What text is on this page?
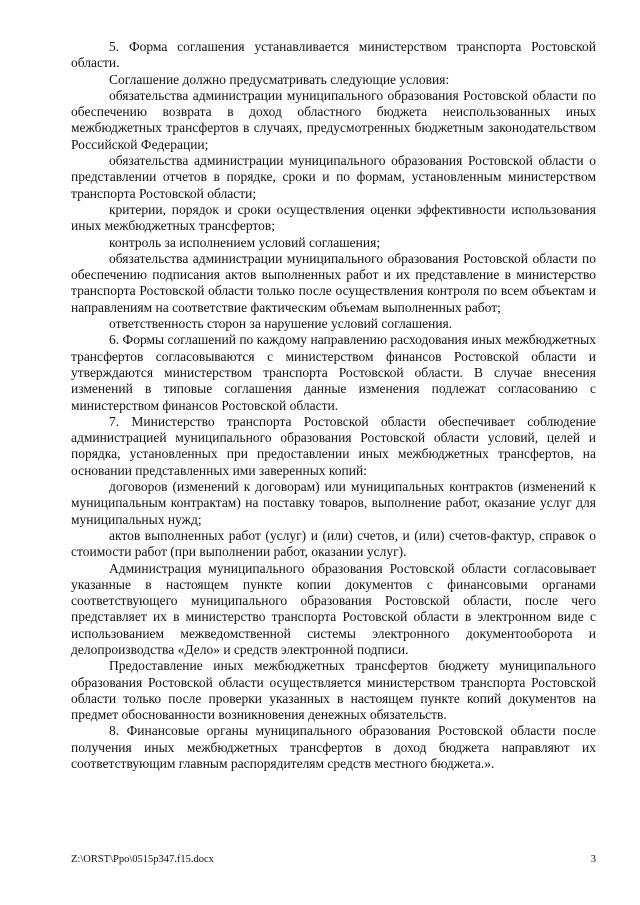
5. Форма соглашения устанавливается министерством транспорта Ростовской области.

Соглашение должно предусматривать следующие условия:

обязательства администрации муниципального образования Ростовской области по обеспечению возврата в доход областного бюджета неиспользованных иных межбюджетных трансфертов в случаях, предусмотренных бюджетным законодательством Российской Федерации;

обязательства администрации муниципального образования Ростовской области о представлении отчетов в порядке, сроки и по формам, установленным министерством транспорта Ростовской области;

критерии, порядок и сроки осуществления оценки эффективности использования иных межбюджетных трансфертов;

контроль за исполнением условий соглашения;

обязательства администрации муниципального образования Ростовской области по обеспечению подписания актов выполненных работ и их представление в министерство транспорта Ростовской области только после осуществления контроля по всем объектам и направлениям на соответствие фактическим объемам выполненных работ;

ответственность сторон за нарушение условий соглашения.

6. Формы соглашений по каждому направлению расходования иных межбюджетных трансфертов согласовываются с министерством финансов Ростовской области и утверждаются министерством транспорта Ростовской области. В случае внесения изменений в типовые соглашения данные изменения подлежат согласованию с министерством финансов Ростовской области.

7. Министерство транспорта Ростовской области обеспечивает соблюдение администрацией муниципального образования Ростовской области условий, целей и порядка, установленных при предоставлении иных межбюджетных трансфертов, на основании представленных ими заверенных копий:

договоров (изменений к договорам) или муниципальных контрактов (изменений к муниципальным контрактам) на поставку товаров, выполнение работ, оказание услуг для муниципальных нужд;

актов выполненных работ (услуг) и (или) счетов, и (или) счетов-фактур, справок о стоимости работ (при выполнении работ, оказании услуг).

Администрация муниципального образования Ростовской области согласовывает указанные в настоящем пункте копии документов с финансовыми органами соответствующего муниципального образования Ростовской области, после чего представляет их в министерство транспорта Ростовской области в электронном виде с использованием межведомственной системы электронного документооборота и делопроизводства «Дело» и средств электронной подписи.

Предоставление иных межбюджетных трансфертов бюджету муниципального образования Ростовской области осуществляется министерством транспорта Ростовской области только после проверки указанных в настоящем пункте копий документов на предмет обоснованности возникновения денежных обязательств.

8. Финансовые органы муниципального образования Ростовской области после получения иных межбюджетных трансфертов в доход бюджета направляют их соответствующим главным распорядителям средств местного бюджета.».

Z:\ORST\Ppo\0515p347.f15.docx	3
